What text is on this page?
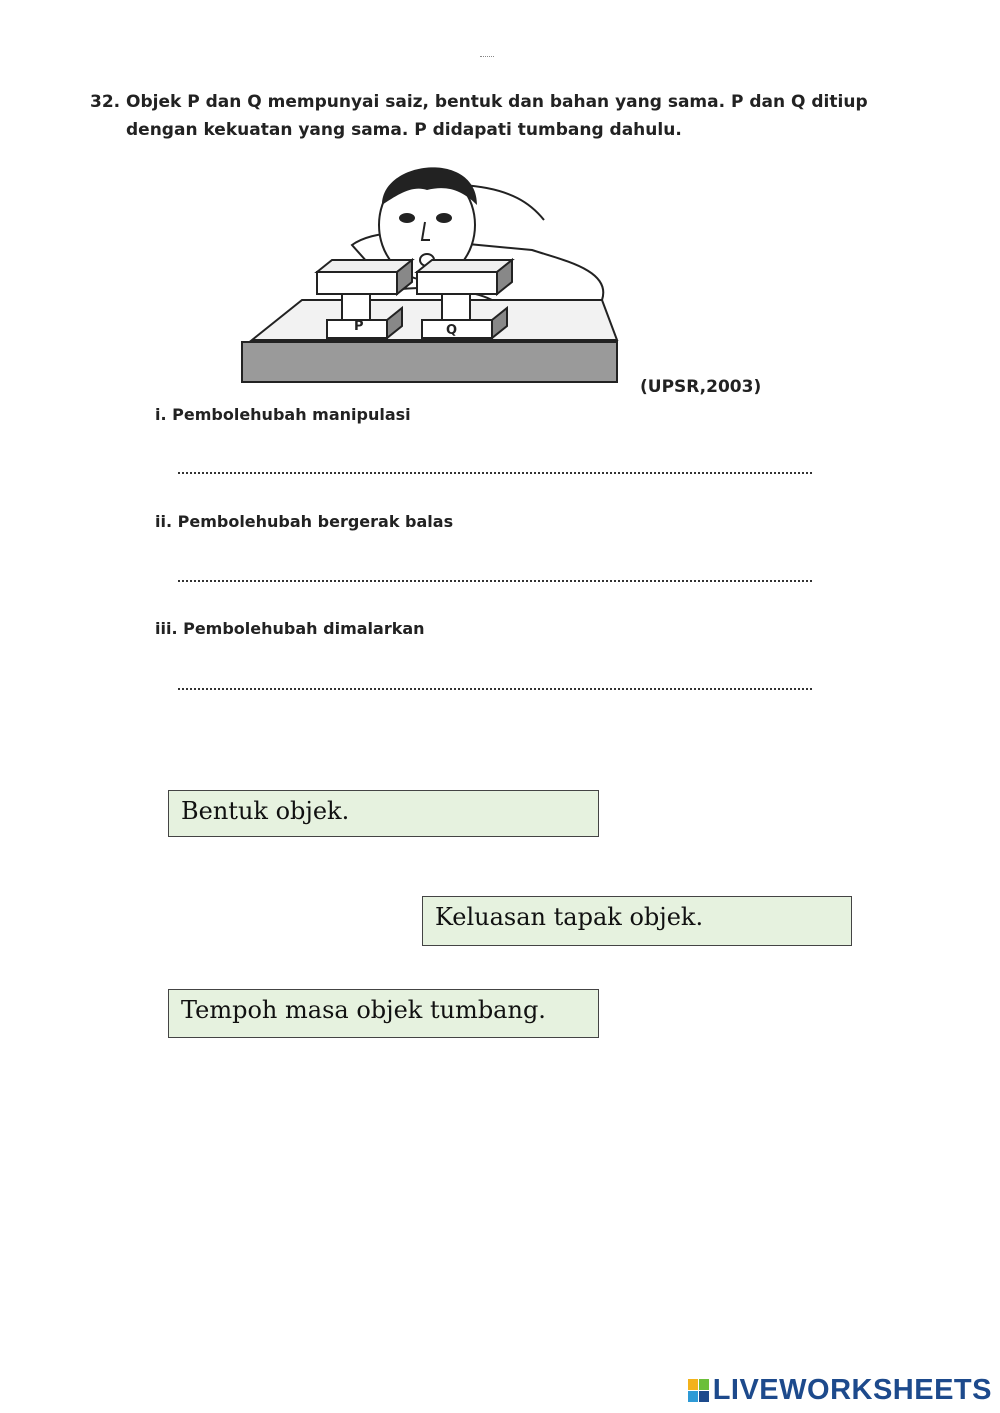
32. Objek P dan Q mempunyai saiz, bentuk dan bahan yang sama. P dan Q ditiup dengan kekuatan yang sama. P didapati tumbang dahulu.
P	Q
(UPSR,2003)
i. Pembolehubah manipulasi
ii. Pembolehubah bergerak balas
iii. Pembolehubah dimalarkan
Bentuk objek.
Keluasan tapak objek.
Tempoh masa objek tumbang.
LIVEWORKSHEETS
